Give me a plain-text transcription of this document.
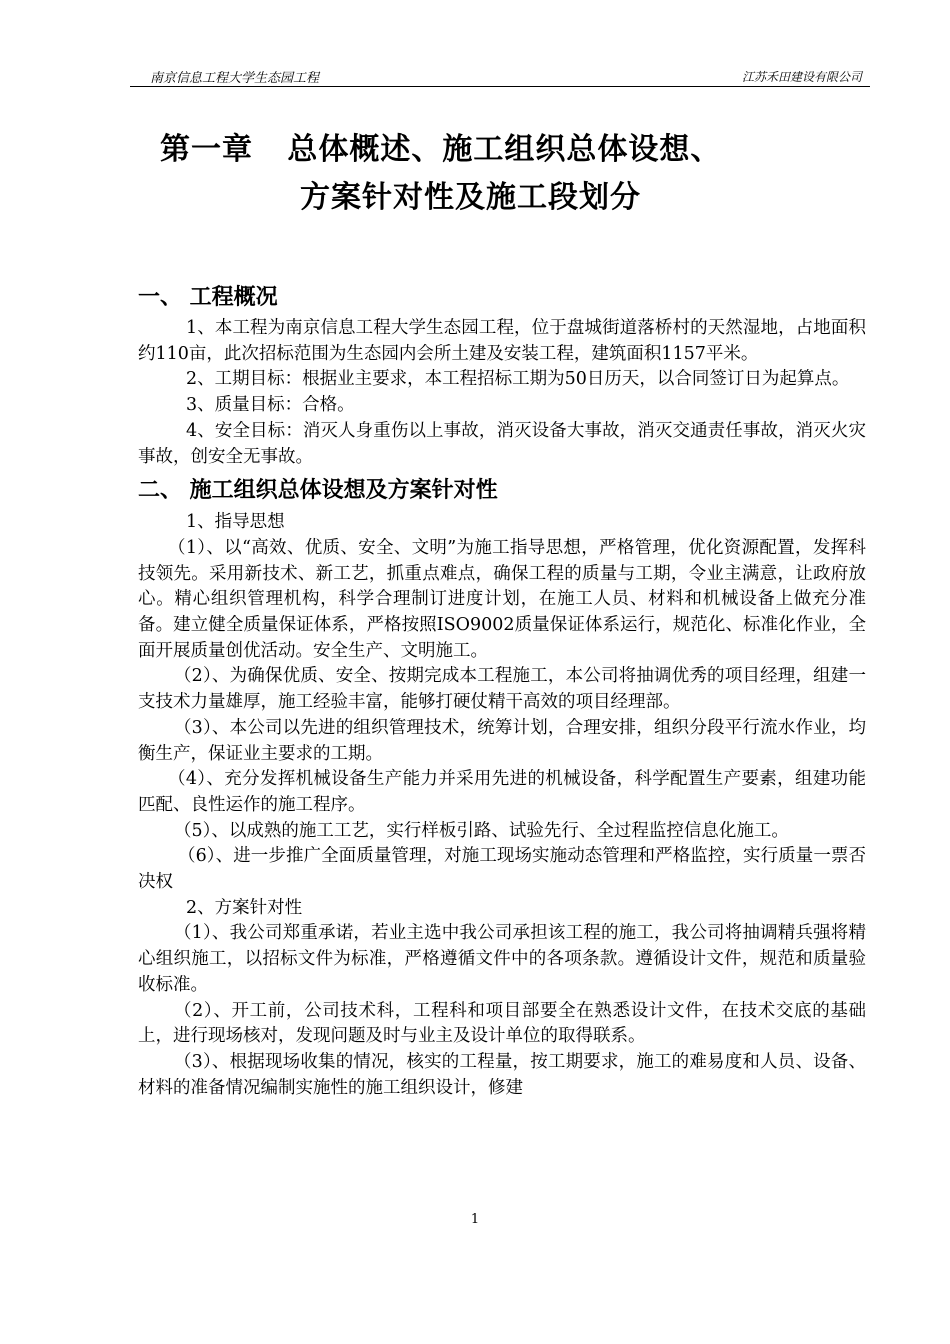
南京信息工程大学生态园工程	江苏禾田建设有限公司
第一章   总体概述、施工组织总体设想、
方案针对性及施工段划分
一、 工程概况

1、本工程为南京信息工程大学生态园工程，位于盘城街道落桥村的天然湿地，占地面积约110亩，此次招标范围为生态园内会所土建及安装工程，建筑面积1157平米。

2、工期目标：根据业主要求，本工程招标工期为50日历天，以合同签订日为起算点。

3、质量目标：合格。

4、安全目标：消灭人身重伤以上事故，消灭设备大事故，消灭交通责任事故，消灭火灾事故，创安全无事故。

二、 施工组织总体设想及方案针对性

1、指导思想

（1）、以“高效、优质、安全、文明”为施工指导思想，严格管理，优化资源配置，发挥科技领先。采用新技术、新工艺，抓重点难点，确保工程的质量与工期，令业主满意，让政府放心。精心组织管理机构，科学合理制订进度计划，在施工人员、材料和机械设备上做充分准备。建立健全质量保证体系，严格按照ISO9002质量保证体系运行，规范化、标准化作业，全面开展质量创优活动。安全生产、文明施工。

（2）、为确保优质、安全、按期完成本工程施工，本公司将抽调优秀的项目经理，组建一支技术力量雄厚，施工经验丰富，能够打硬仗精干高效的项目经理部。

（3）、本公司以先进的组织管理技术，统筹计划，合理安排，组织分段平行流水作业，均衡生产，保证业主要求的工期。

（4）、充分发挥机械设备生产能力并采用先进的机械设备，科学配置生产要素，组建功能匹配、良性运作的施工程序。

（5）、以成熟的施工工艺，实行样板引路、试验先行、全过程监控信息化施工。

（6）、进一步推广全面质量管理，对施工现场实施动态管理和严格监控，实行质量一票否决权

2、方案针对性

（1）、我公司郑重承诺，若业主选中我公司承担该工程的施工，我公司将抽调精兵强将精心组织施工，以招标文件为标准，严格遵循文件中的各项条款。遵循设计文件，规范和质量验收标准。

（2）、开工前，公司技术科，工程科和项目部要全在熟悉设计文件，在技术交底的基础上，进行现场核对，发现问题及时与业主及设计单位的取得联系。

（3）、根据现场收集的情况，核实的工程量，按工期要求，施工的难易度和人员、设备、材料的准备情况编制实施性的施工组织设计，修建

1
